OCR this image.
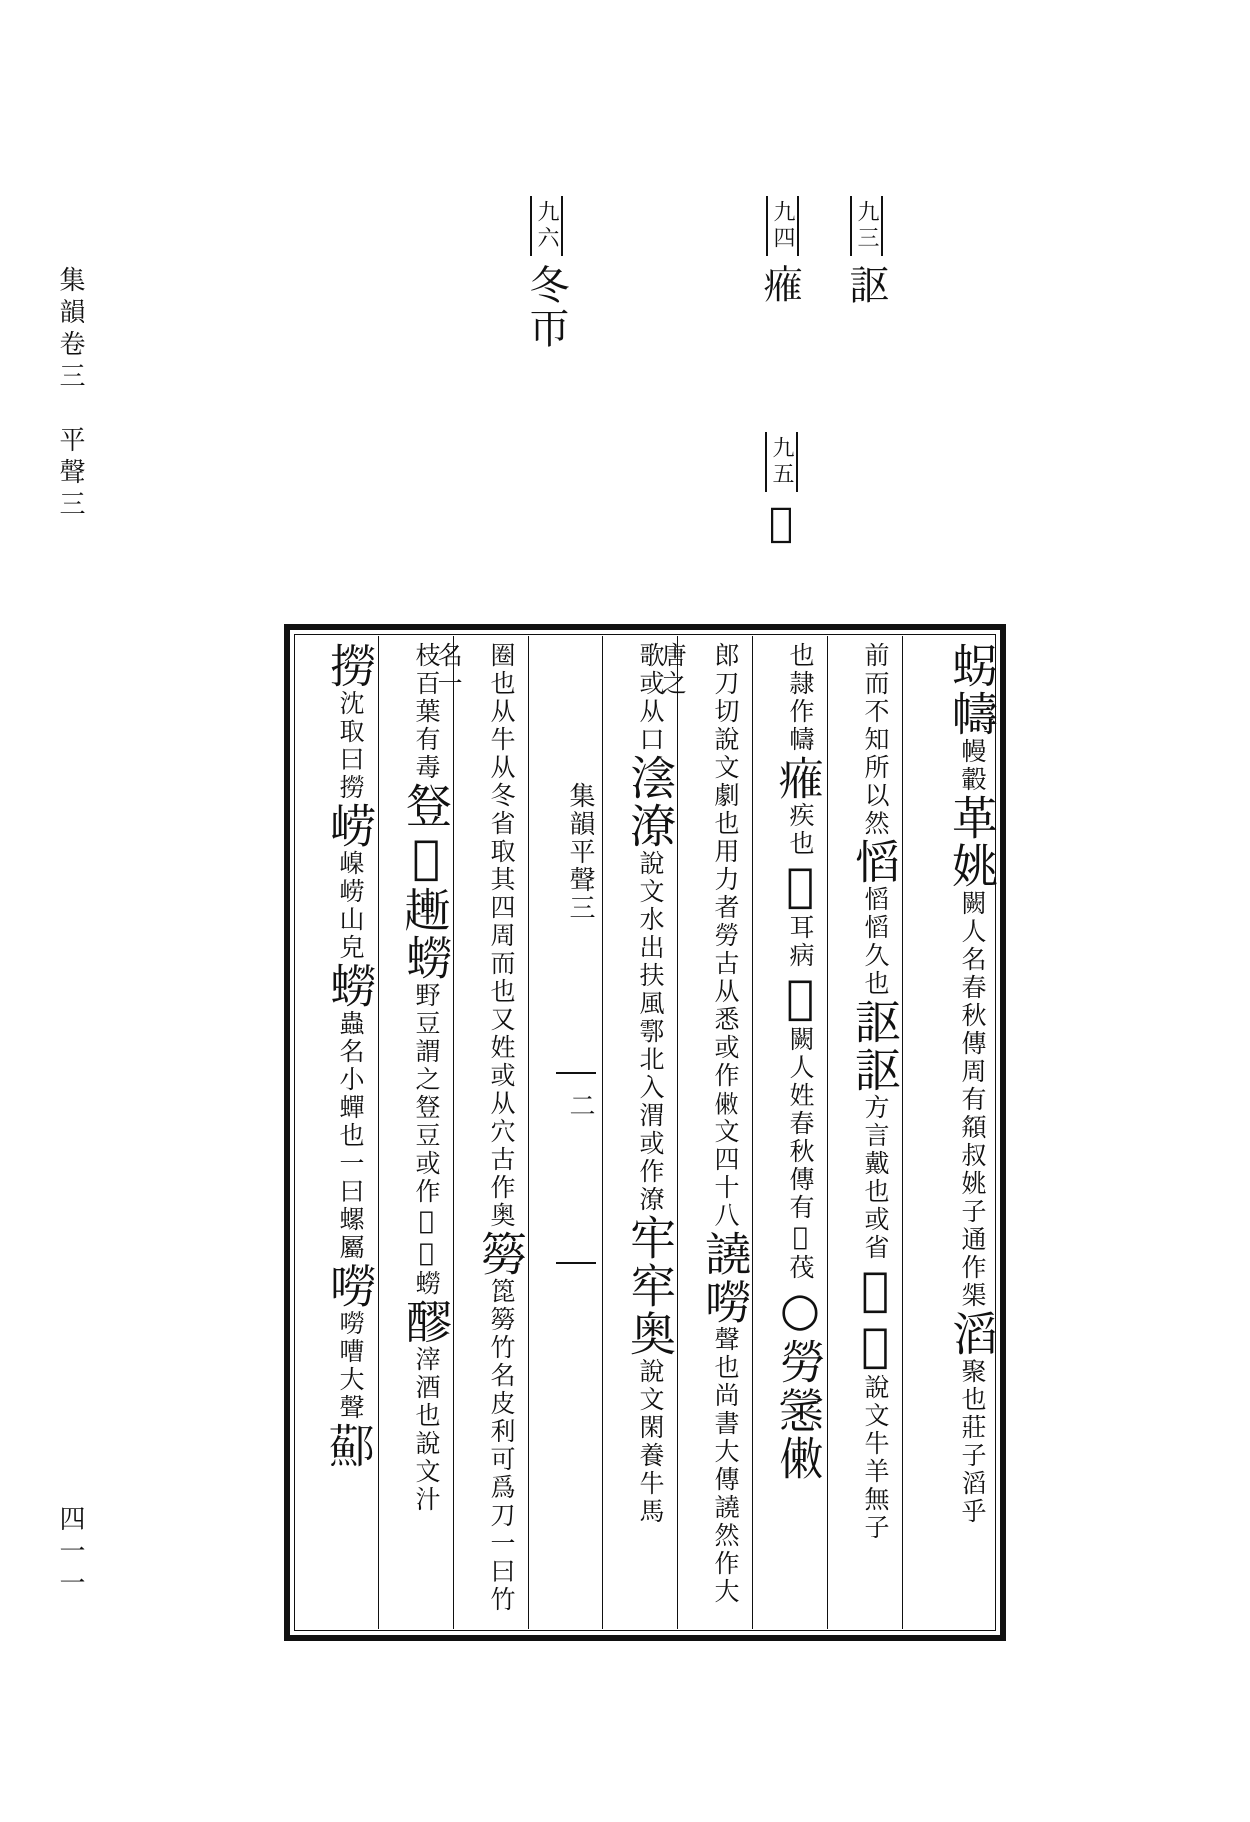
集韻卷三　平聲三
四一一
九三𧦅
九四𤸰
九五𦏲
九六冬帀
集韻平聲三
二
𧊅幬幔轂革姚闕人名春秋傳周有頯叔姚子通作㮡滔聚也莊子滔乎
前而不知所以然慆慆慆久也𧦅𧦅方言戴也或省𢣴𢣴說文牛羊無子
也隷作幬𤸰疾也𦗏耳病𦏲闕人姓春秋傳有𦏲茷○勞𢥒𠍏
郎刀切說文劇也用力者勞古从悉或作𠍏文四十八譊嘮聲也尚書大傳譊然作大唐之
歌或从口𣸮潦說文水出扶風鄠北入渭或作潦牢窂奥說文閑養牛馬
圈也从牛从冬省取其四周而也又姓或从穴古作奥簩箆簩竹名皮利可爲刀一曰竹名一
枝百葉有毒豋𥢜𧽯蟧野豆謂之豋豆或作𥢜𧽯蟧醪滓酒也說文汁
撈沈取曰撈崂嵲崂山皃蟧蟲名小蟬也一曰螺屬嘮嘮嘈大聲𨟂
